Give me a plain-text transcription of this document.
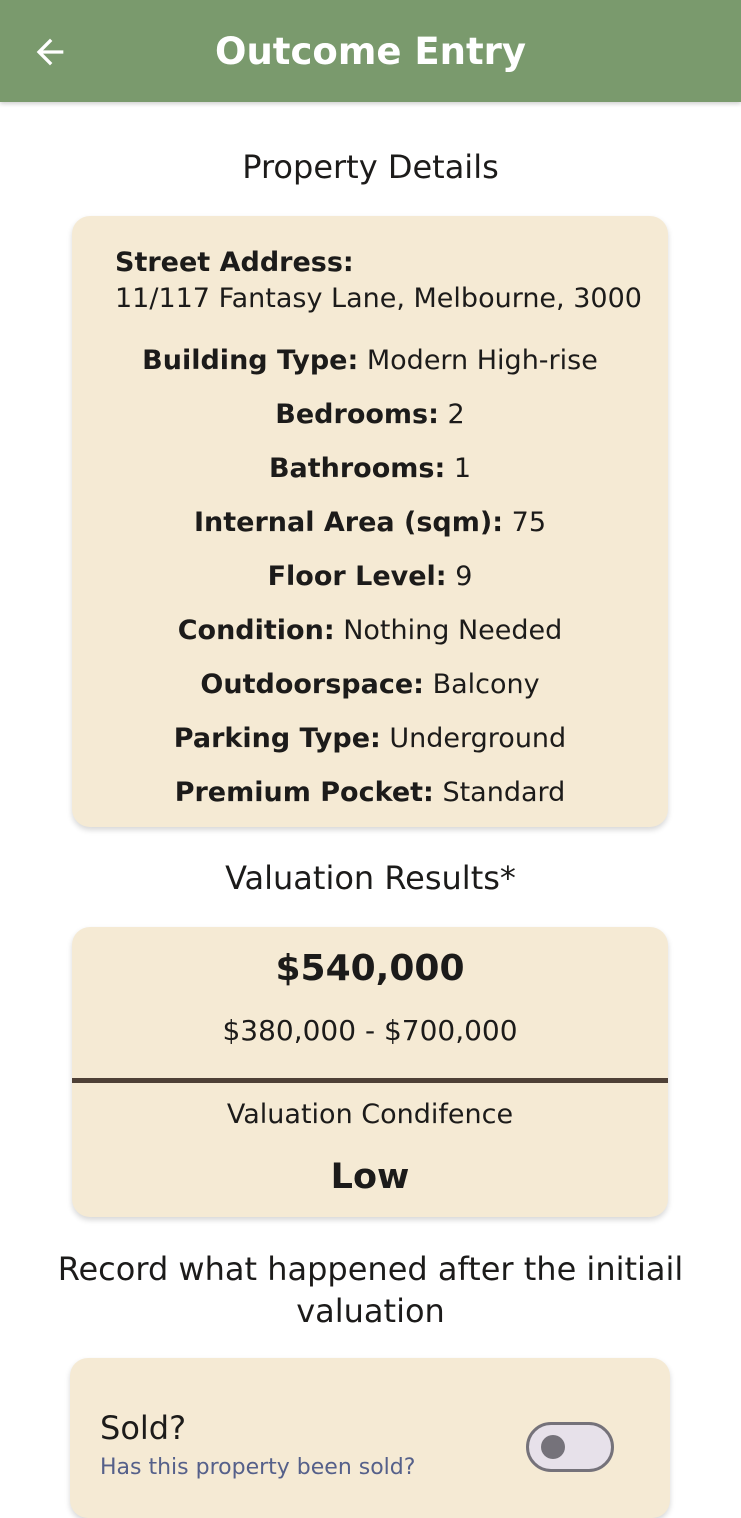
Outcome Entry
Property Details
Street Address:
11/117 Fantasy Lane, Melbourne, 3000
Building Type: Modern High-rise
Bedrooms: 2
Bathrooms: 1
Internal Area (sqm): 75
Floor Level: 9
Condition: Nothing Needed
Outdoorspace: Balcony
Parking Type: Underground
Premium Pocket: Standard
Valuation Results*
$540,000
$380,000 - $700,000
Valuation Condifence
Low
Record what happened after the initiail valuation
Sold?
Has this property been sold?
